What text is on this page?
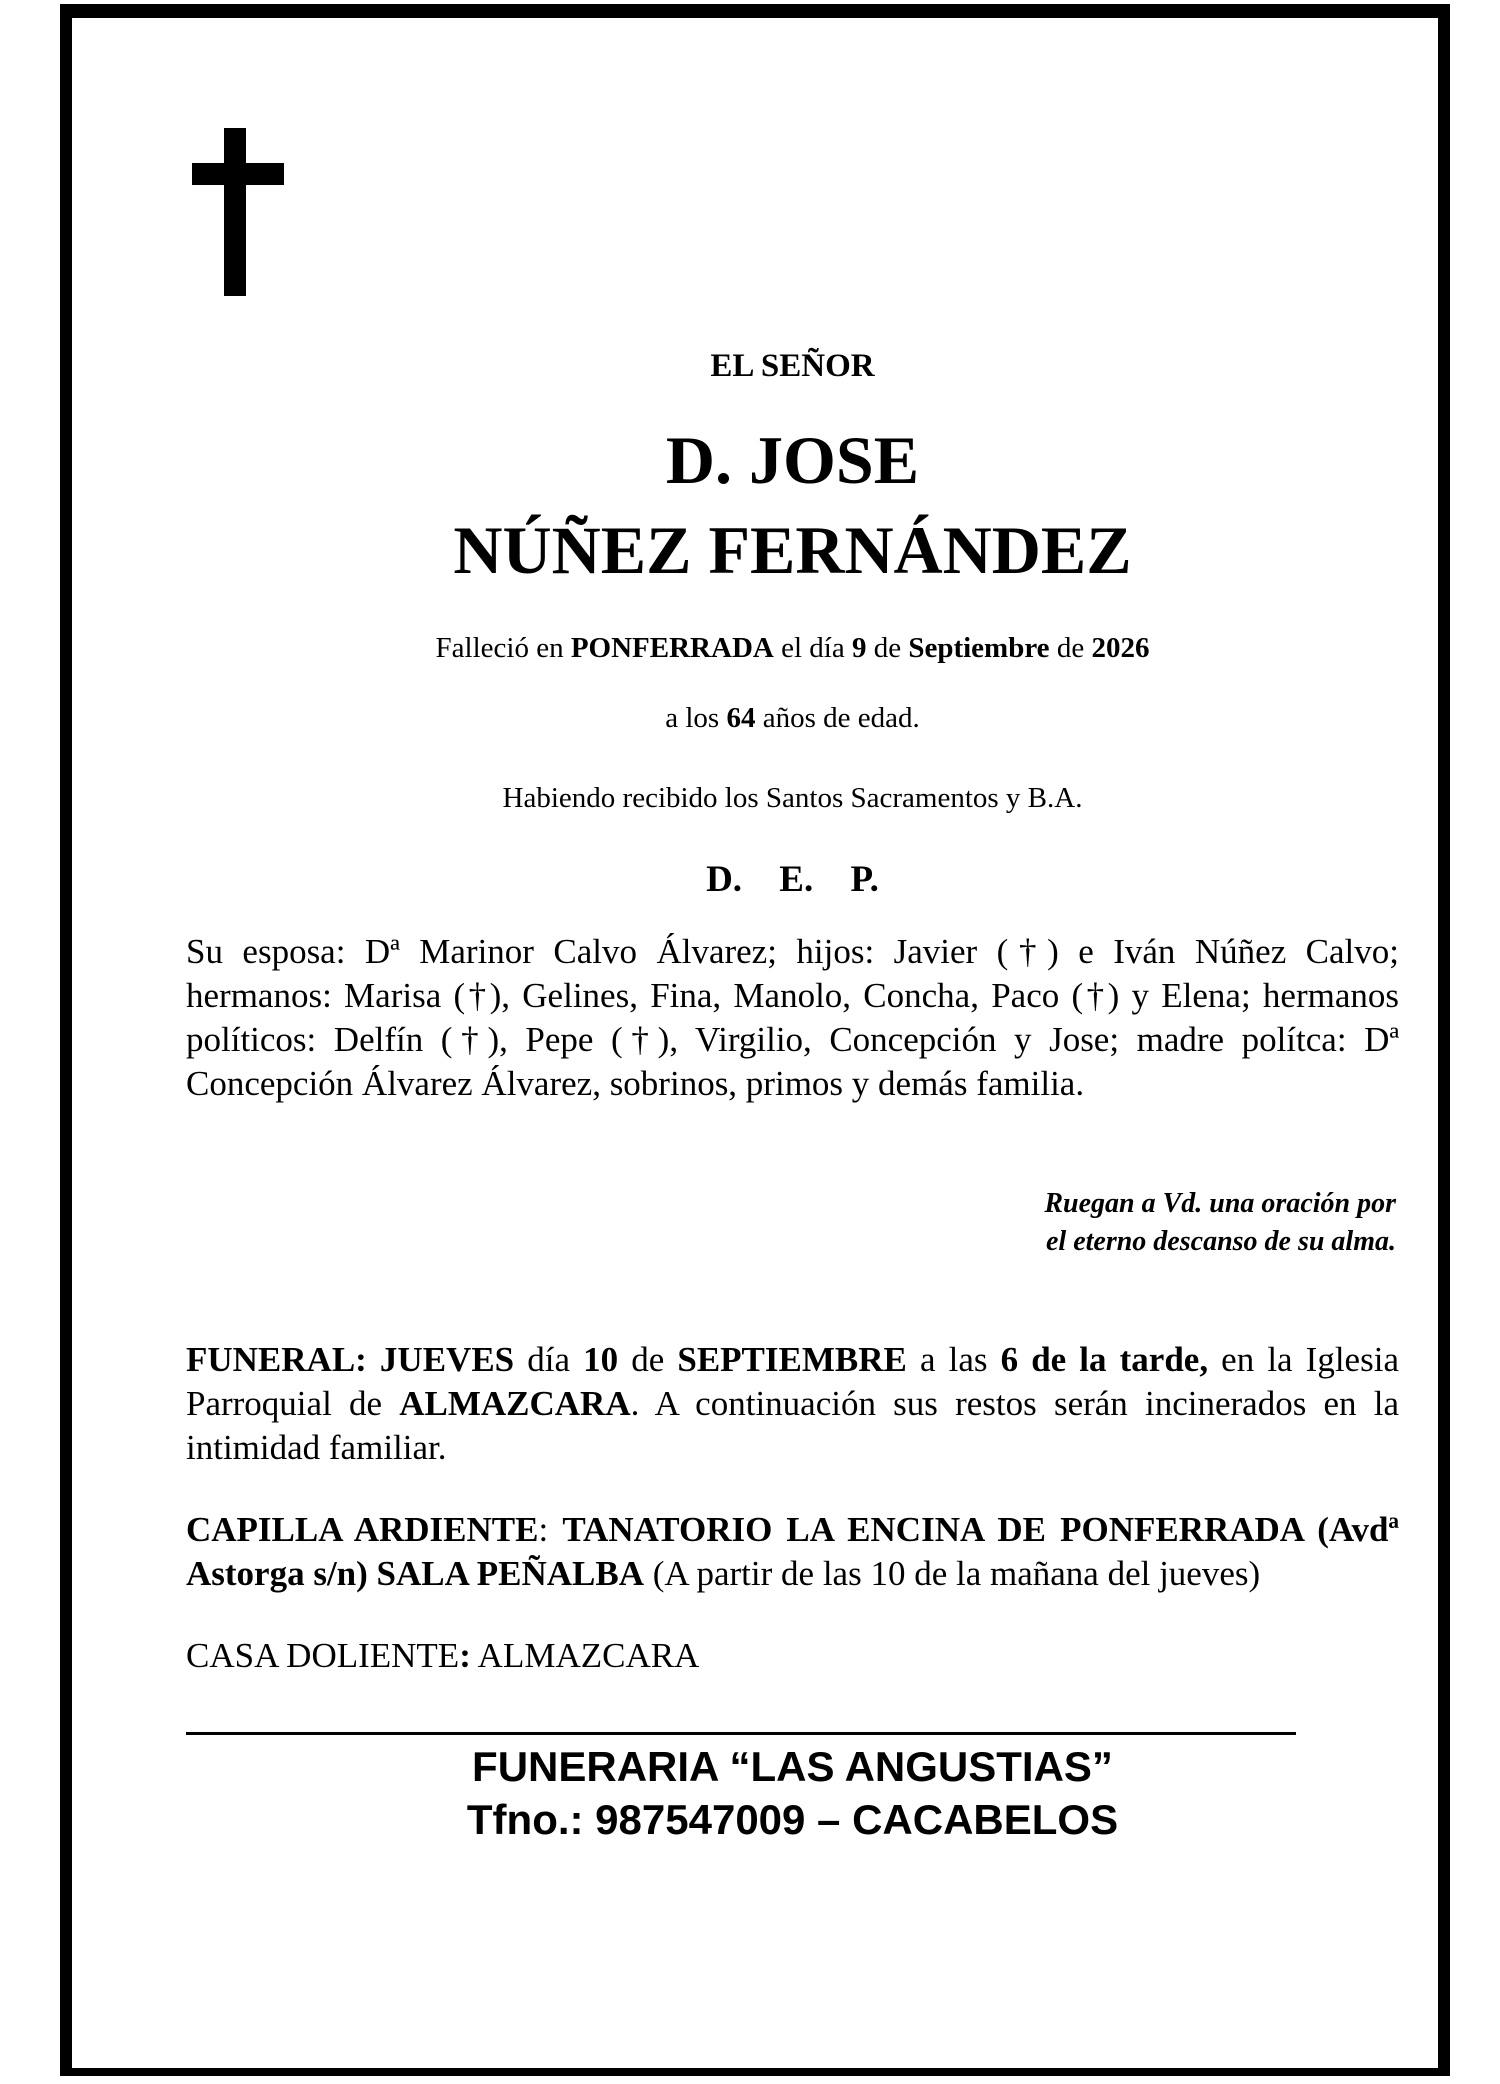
EL SEÑOR
D. JOSE
NÚÑEZ FERNÁNDEZ
Falleció en PONFERRADA el día 9 de Septiembre de 2026
a los 64 años de edad.
Habiendo recibido los Santos Sacramentos y B.A.
D. E. P.
Su esposa: Dª Marinor Calvo Álvarez; hijos: Javier (†) e Iván Núñez Calvo; hermanos: Marisa (†), Gelines, Fina, Manolo, Concha, Paco (†) y Elena; hermanos políticos: Delfín (†), Pepe (†), Virgilio, Concepción y Jose; madre polítca: Dª Concepción Álvarez Álvarez, sobrinos, primos y demás familia.
Ruegan a Vd. una oración por
el eterno descanso de su alma.
FUNERAL: JUEVES día 10 de SEPTIEMBRE a las 6 de la tarde, en la Iglesia Parroquial de ALMAZCARA. A continuación sus restos serán incinerados en la intimidad familiar.
CAPILLA ARDIENTE: TANATORIO LA ENCINA DE PONFERRADA (Avdª Astorga s/n) SALA PEÑALBA (A partir de las 10 de la mañana del jueves)
CASA DOLIENTE: ALMAZCARA
FUNERARIA “LAS ANGUSTIAS”
Tfno.: 987547009 – CACABELOS
